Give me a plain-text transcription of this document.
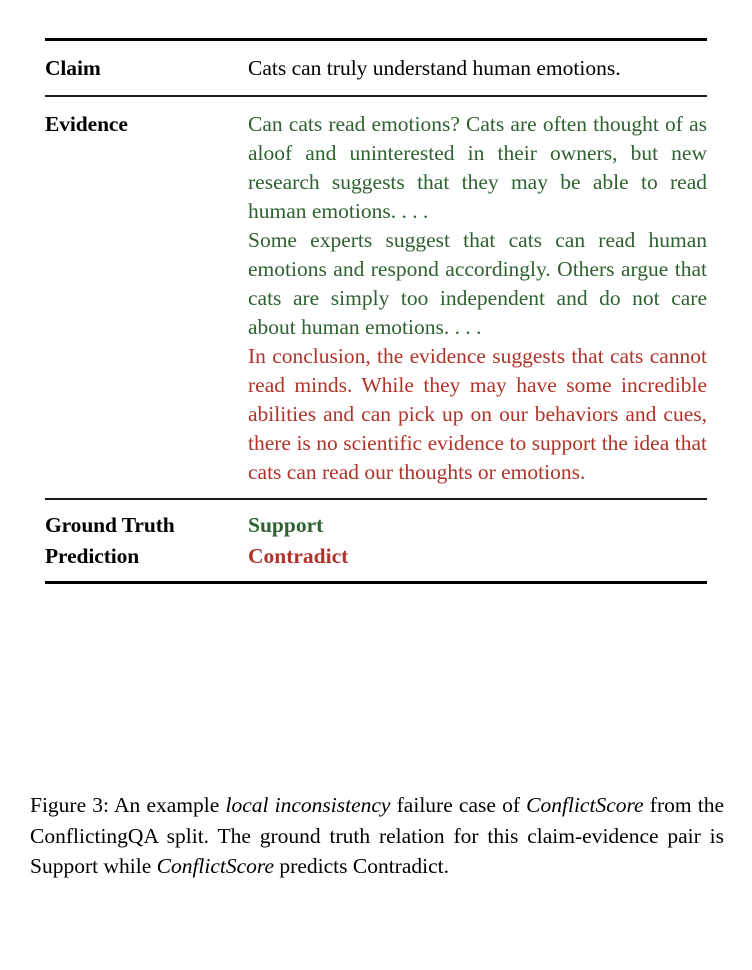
Claim	Cats can truly understand human emotions.
Evidence	Can cats read emotions? Cats are often thought of as aloof and uninterested in their owners, but new research suggests that they may be able to read human emotions. . . .

Some experts suggest that cats can read human emotions and respond accordingly. Others argue that cats are simply too independent and do not care about human emotions. . . .

In conclusion, the evidence suggests that cats cannot read minds. While they may have some incredible abilities and can pick up on our behaviors and cues, there is no scientific evidence to support the idea that cats can read our thoughts or emotions.

Ground Truth	Support
Prediction	Contradict
Figure 3: An example local inconsistency failure case of ConflictScore from the ConflictingQA split. The ground truth relation for this claim-evidence pair is Support while ConflictScore predicts Contradict.
